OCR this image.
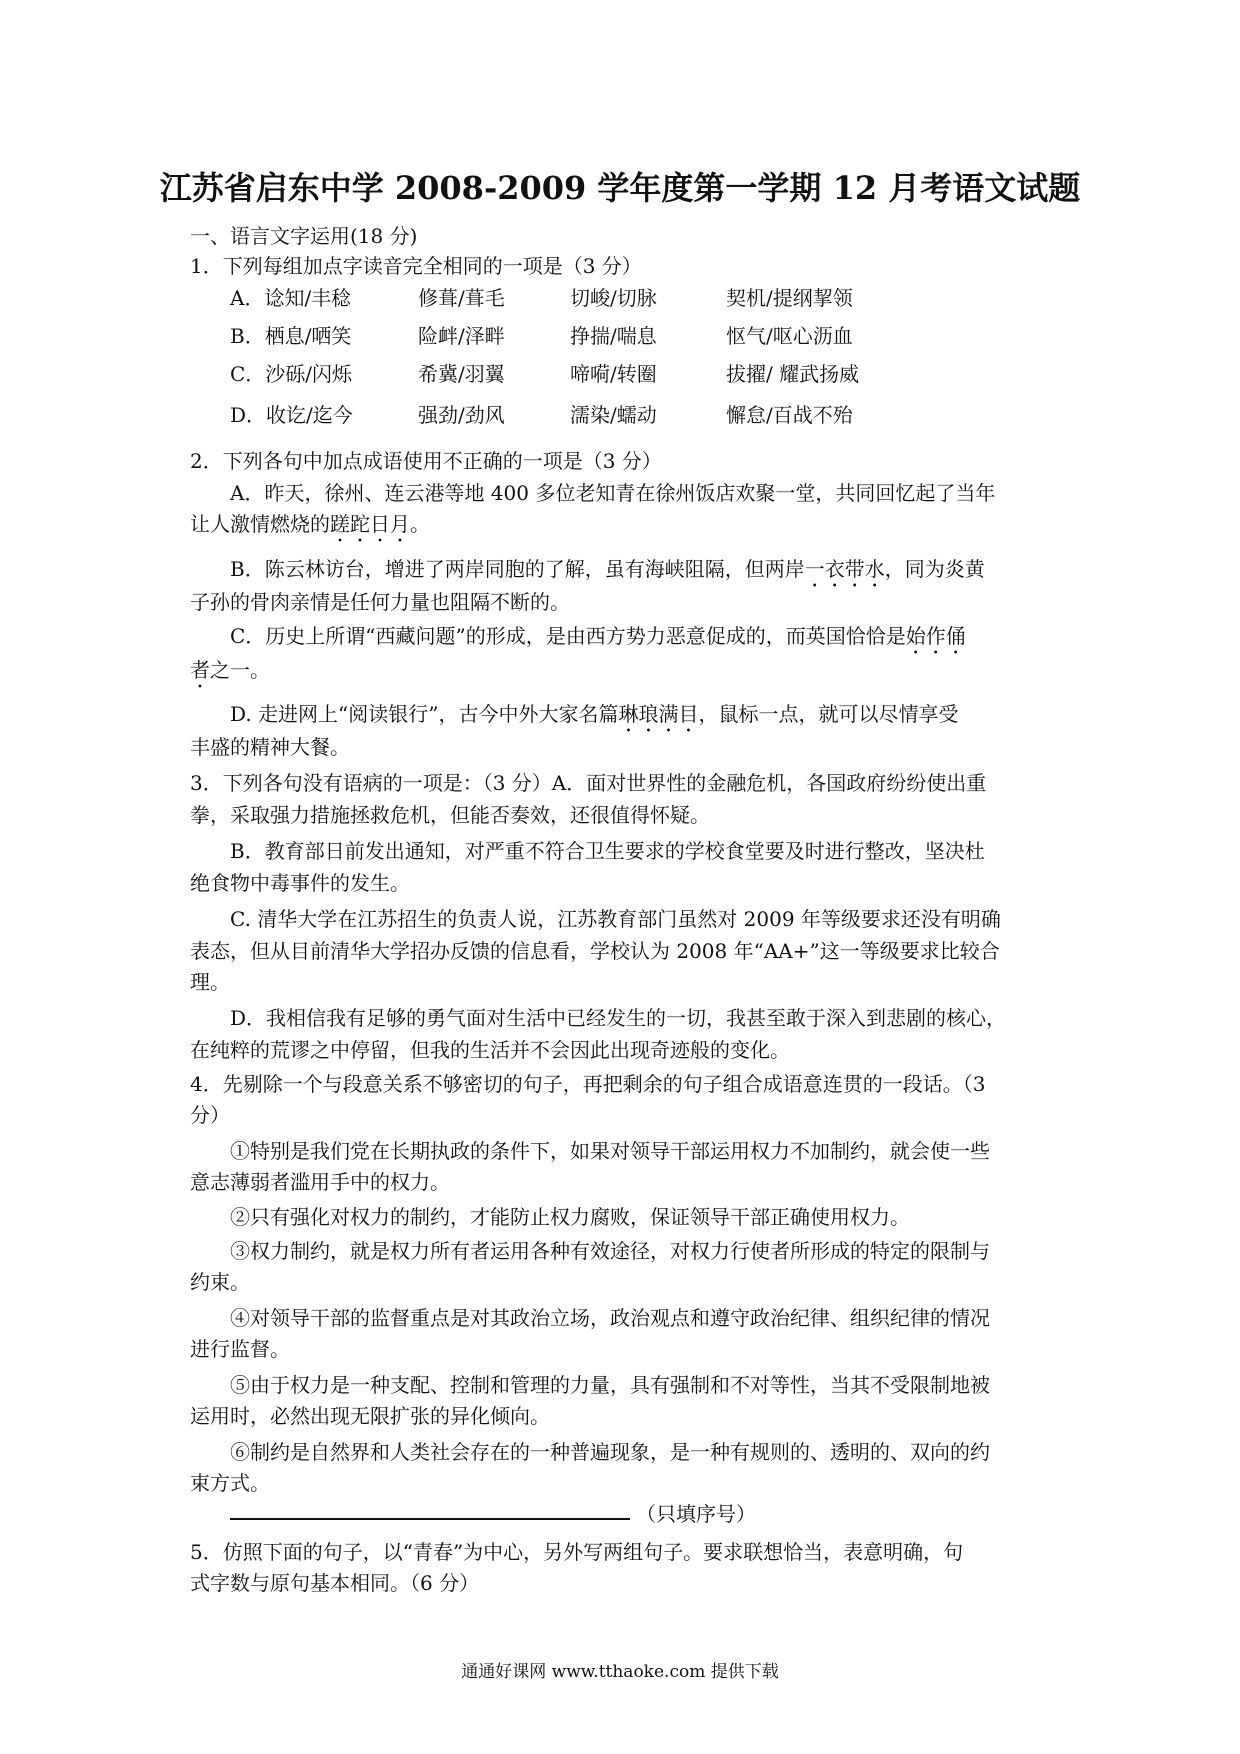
江苏省启东中学 2008-2009 学年度第一学期 12 月考语文试题
一、语言文字运用(18 分)
1．下列每组加点字读音完全相同的一项是（3 分）
A．谂知/丰稔	修葺/葺毛	切峻/切脉	契机/提纲挈领
B．栖息/哂笑	险衅/泽畔	挣揣/喘息	怄气/呕心沥血
C．沙砾/闪烁	希冀/羽翼	啼嗬/转圈	拔擢/ 耀武扬威
D．收讫/迄今	强劲/劲风	濡染/蠕动	懈怠/百战不殆
2．下列各句中加点成语使用不正确的一项是（3 分）
A．昨天，徐州、连云港等地 400 多位老知青在徐州饭店欢聚一堂，共同回忆起了当年
让人激情燃烧的蹉跎日月。
B．陈云林访台，增进了两岸同胞的了解，虽有海峡阻隔，但两岸一衣带水，同为炎黄
子孙的骨肉亲情是任何力量也阻隔不断的。
C．历史上所谓“西藏问题”的形成，是由西方势力恶意促成的，而英国恰恰是始作俑
者之一。
D. 走进网上“阅读银行”，古今中外大家名篇琳琅满目，鼠标一点，就可以尽情享受
丰盛的精神大餐。
3．下列各句没有语病的一项是：（3 分）A．面对世界性的金融危机，各国政府纷纷使出重
拳，采取强力措施拯救危机，但能否奏效，还很值得怀疑。
B．教育部日前发出通知，对严重不符合卫生要求的学校食堂要及时进行整改，坚决杜
绝食物中毒事件的发生。
C. 清华大学在江苏招生的负责人说，江苏教育部门虽然对 2009 年等级要求还没有明确
表态，但从目前清华大学招办反馈的信息看，学校认为 2008 年“AA+”这一等级要求比较合
理。
D．我相信我有足够的勇气面对生活中已经发生的一切，我甚至敢于深入到悲剧的核心，
在纯粹的荒谬之中停留，但我的生活并不会因此出现奇迹般的变化。
4．先剔除一个与段意关系不够密切的句子，再把剩余的句子组合成语意连贯的一段话。（3
分）
①特别是我们党在长期执政的条件下，如果对领导干部运用权力不加制约，就会使一些
意志薄弱者滥用手中的权力。
②只有强化对权力的制约，才能防止权力腐败，保证领导干部正确使用权力。
③权力制约，就是权力所有者运用各种有效途径，对权力行使者所形成的特定的限制与
约束。
④对领导干部的监督重点是对其政治立场，政治观点和遵守政治纪律、组织纪律的情况
进行监督。
⑤由于权力是一种支配、控制和管理的力量，具有强制和不对等性，当其不受限制地被
运用时，必然出现无限扩张的异化倾向。
⑥制约是自然界和人类社会存在的一种普遍现象，是一种有规则的、透明的、双向的约
束方式。
（只填序号）
5．仿照下面的句子，以“青春”为中心，另外写两组句子。要求联想恰当，表意明确，句
式字数与原句基本相同。（6 分）
通通好课网 www.tthaoke.com 提供下载
